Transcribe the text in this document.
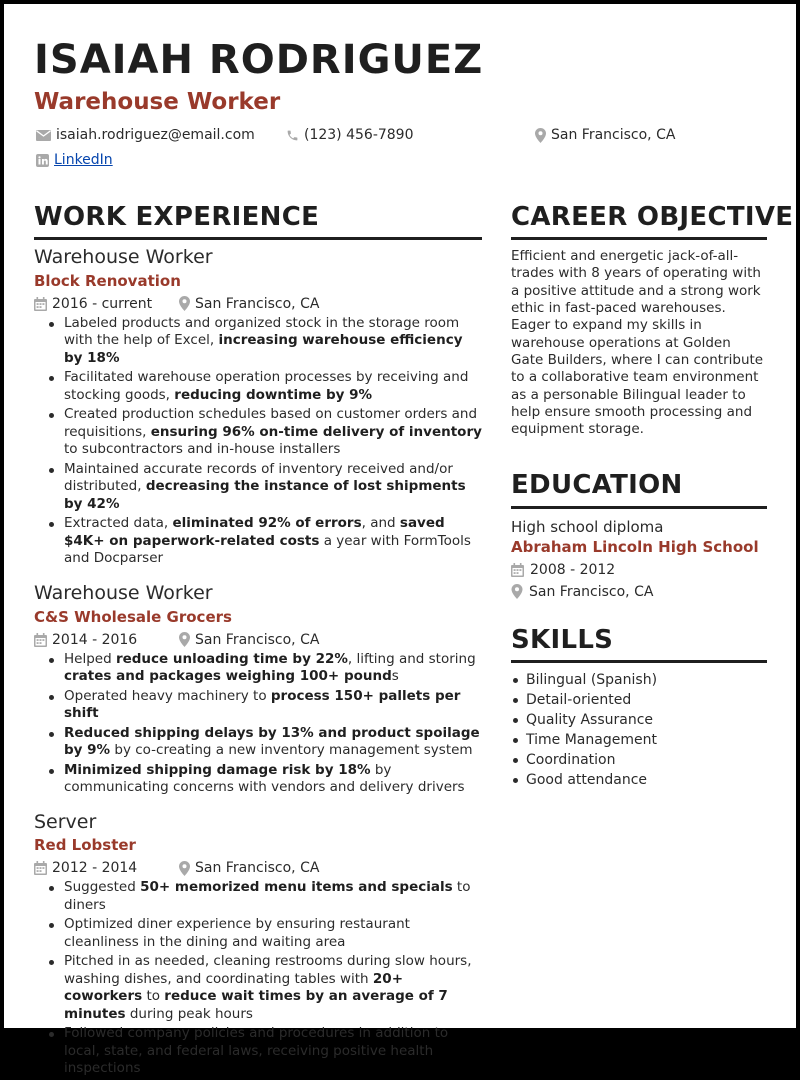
ISAIAH RODRIGUEZ
Warehouse Worker
isaiah.rodriguez@email.com	(123) 456-7890	San Francisco, CA
LinkedIn
WORK EXPERIENCE
Warehouse Worker
Block Renovation
2016 - current	San Francisco, CA
Labeled products and organized stock in the storage room with the help of Excel, increasing warehouse efficiency by 18%
Facilitated warehouse operation processes by receiving and stocking goods, reducing downtime by 9%
Created production schedules based on customer orders and requisitions, ensuring 96% on-time delivery of inventory to subcontractors and in-house installers
Maintained accurate records of inventory received and/or distributed, decreasing the instance of lost shipments by 42%
Extracted data, eliminated 92% of errors, and saved $4K+ on paperwork-related costs a year with FormTools and Docparser
Warehouse Worker
C&S Wholesale Grocers
2014 - 2016	San Francisco, CA
Helped reduce unloading time by 22%, lifting and storing crates and packages weighing 100+ pounds
Operated heavy machinery to process 150+ pallets per shift
Reduced shipping delays by 13% and product spoilage by 9% by co-creating a new inventory management system
Minimized shipping damage risk by 18% by communicating concerns with vendors and delivery drivers
Server
Red Lobster
2012 - 2014	San Francisco, CA
Suggested 50+ memorized menu items and specials to diners
Optimized diner experience by ensuring restaurant cleanliness in the dining and waiting area
Pitched in as needed, cleaning restrooms during slow hours, washing dishes, and coordinating tables with 20+ coworkers to reduce wait times by an average of 7 minutes during peak hours
Followed company policies and procedures in addition to local, state, and federal laws, receiving positive health inspections
CAREER OBJECTIVE

Efficient and energetic jack-of-all-trades with 8 years of operating with a positive attitude and a strong work ethic in fast-paced warehouses. Eager to expand my skills in warehouse operations at Golden Gate Builders, where I can contribute to a collaborative team environment as a personable Bilingual leader to help ensure smooth processing and equipment storage.

EDUCATION
High school diploma
Abraham Lincoln High School
2008 - 2012
San Francisco, CA
SKILLS
Bilingual (Spanish)
Detail-oriented
Quality Assurance
Time Management
Coordination
Good attendance
